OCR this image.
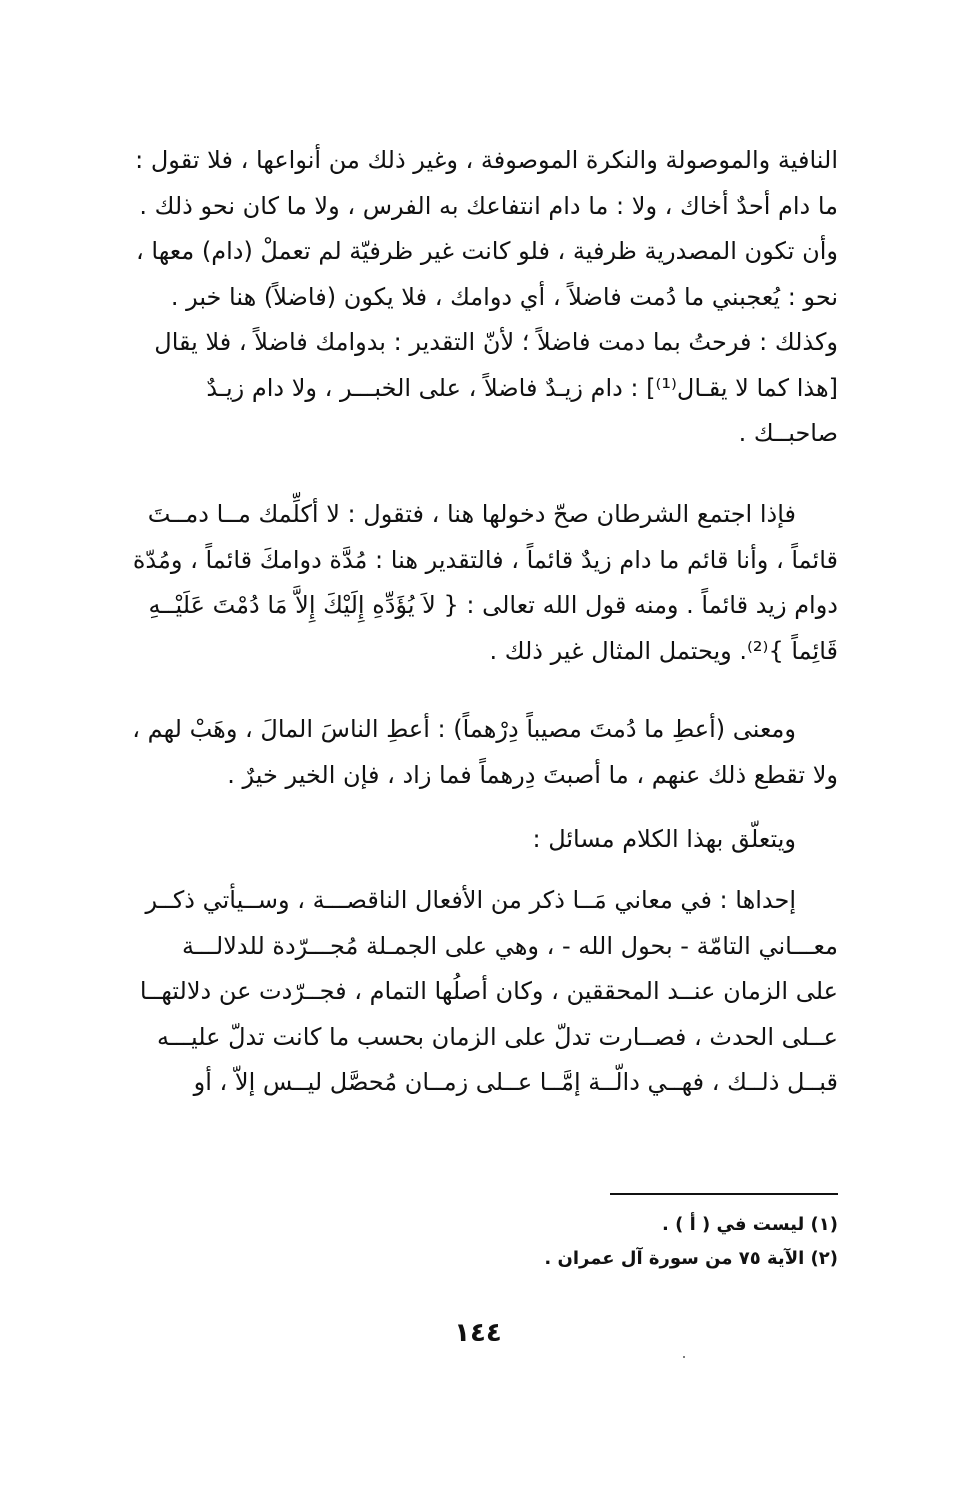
النافية والموصولة والنكرة الموصوفة ، وغير ذلك من أنواعها ، فلا تقول :
ما دام أحدٌ أخاك ، ولا : ما دام انتفاعك به الفرس ، ولا ما كان نحو ذلك .
وأن تكون المصدرية ظرفية ، فلو كانت غير ظرفيّة لم تعملْ (دام) معها ،
نحو : يُعجبني ما دُمت فاضلاً ، أي دوامك ، فلا يكون (فاضلاً) هنا خبر .
وكذلك : فرحتُ بما دمت فاضلاً ؛ لأنّ التقدير : بدوامك فاضلاً ، فلا يقال
[هذا كما لا يقـال⁽¹⁾] : دام زيـدٌ فاضلاً ، على الخبـــر ، ولا دام زيـدٌ
صاحبــك .
فإذا اجتمع الشرطان صحّ دخولها هنا ، فتقول : لا أكلِّمك مــا دمــتَ
قائماً ، وأنا قائم ما دام زيدٌ قائماً ، فالتقدير هنا : مُدَّة دوامكَ قائماً ، ومُدّة
دوام زيد قائماً . ومنه قول الله تعالى : { لاَ يُؤَدِّهِ إِلَيْكَ إِلاَّ مَا دُمْتَ عَلَيْــهِ
قَائِماً }⁽²⁾. ويحتمل المثال غير ذلك .
ومعنى (أعطِ ما دُمتَ مصيباً دِرْهماً) : أعطِ الناسَ المالَ ، وهَبْ لهم ،
ولا تقطع ذلك عنهم ، ما أصبتَ دِرهماً فما زاد ، فإن الخير خيرٌ .
ويتعلّق بهذا الكلام مسائل :
إحداها : في معاني مَــا ذكر من الأفعال الناقصـــة ، وســيأتي ذكــر
معـــاني التامّة - بحول الله - ، وهي على الجمـلة مُجـــرّدة للدلالـــة
على الزمان عنــد المحققين ، وكان أصلُها التمام ، فجــرّدت عن دلالتهــا
عــلى الحدث ، فصــارت تدلّ على الزمان بحسب ما كانت تدلّ عليـــه
قبــل ذلــك ، فهــي دالّــة إمَّــا عــلى زمــان مُحصَّل ليــس إلاّ ، أو
(١) ليست في ( أ ) .
(٢) الآية ٧٥ من سورة آل عمران .
١٤٤
